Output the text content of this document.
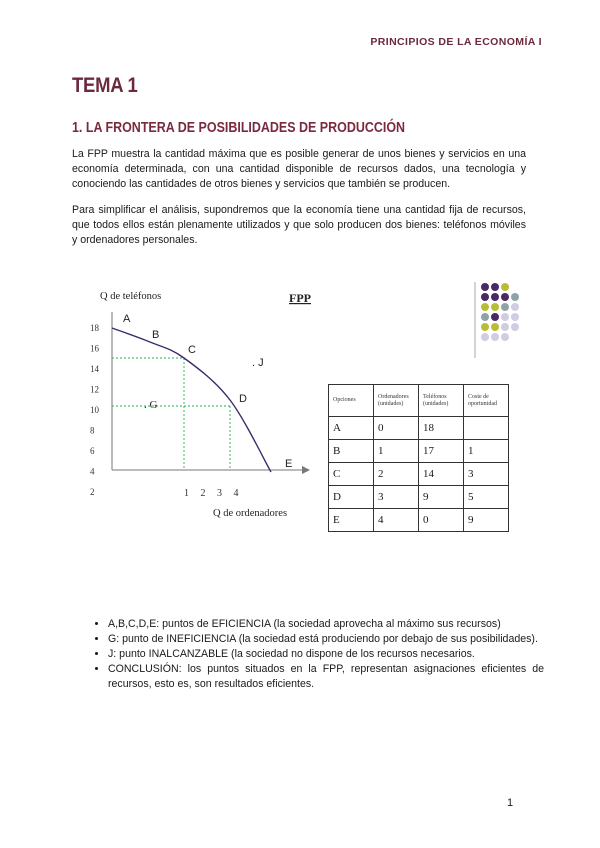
PRINCIPIOS DE LA ECONOMÍA I
TEMA 1
1. LA FRONTERA DE POSIBILIDADES DE PRODUCCIÓN

La FPP muestra la cantidad máxima que es posible generar de unos bienes y servicios en una economía determinada, con una cantidad disponible de recursos dados, una tecnología y conociendo las cantidades de otros bienes y servicios que también se producen.

Para simplificar el análisis, supondremos que la economía tiene una cantidad fija de recursos, que todos ellos están plenamente utilizados y que solo producen dos bienes: teléfonos móviles y ordenadores personales.

18
16
14
12
10
8
6
4
2	1 2 3 4
A
B
C
D
E
Q de teléfonos
Q de ordenadores
FPP
. G
. J
Opciones	Ordenadores (unidades)	Teléfonos (unidades)	Coste de oportunidad
A	0	18	
B	1	17	1
C	2	14	3
D	3	9	5
E	4	0	9
• A,B,C,D,E: puntos de EFICIENCIA (la sociedad aprovecha al máximo sus recursos)
• G: punto de INEFICIENCIA (la sociedad está produciendo por debajo de sus posibilidades).
• J: punto INALCANZABLE (la sociedad no dispone de los recursos necesarios.
• CONCLUSIÓN: los puntos situados en la FPP, representan asignaciones eficientes de recursos, esto es, son resultados eficientes.
1
